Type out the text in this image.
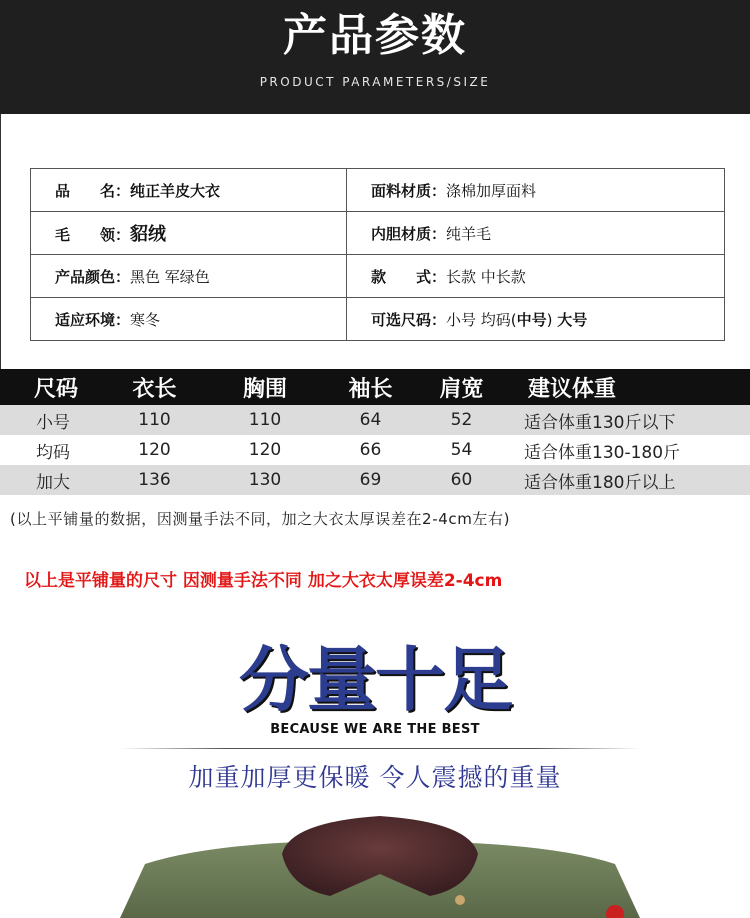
产品参数
PRODUCT PARAMETERS/SIZE
品　　名：纯正羊皮大衣	面料材质：涤棉加厚面料
毛　　领：貂绒	内胆材质：纯羊毛
产品颜色：黑色 军绿色	款　　式：长款 中长款
适应环境：寒冬	可选尺码：小号 均码(中号) 大号
尺码	衣长	胸围	袖长	肩宽	建议体重
小号	110	110	64	52	适合体重130斤以下
均码	120	120	66	54	适合体重130-180斤
加大	136	130	69	60	适合体重180斤以上
(以上平铺量的数据，因测量手法不同，加之大衣太厚误差在2-4cm左右)
以上是平铺量的尺寸 因测量手法不同 加之大衣太厚误差2-4cm
分量十足
BECAUSE WE ARE THE BEST
加重加厚更保暖 令人震撼的重量
